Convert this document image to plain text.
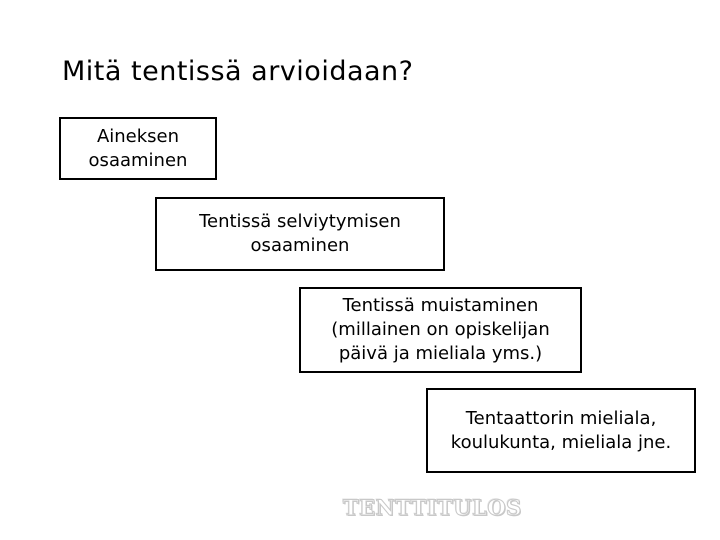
Mitä tentissä arvioidaan?
Aineksen
osaaminen
Tentissä selviytymisen
osaaminen
Tentissä muistaminen
(millainen on opiskelijan
päivä ja mieliala yms.)
Tentaattorin mieliala,
koulukunta, mieliala jne.
TENTTITULOS
